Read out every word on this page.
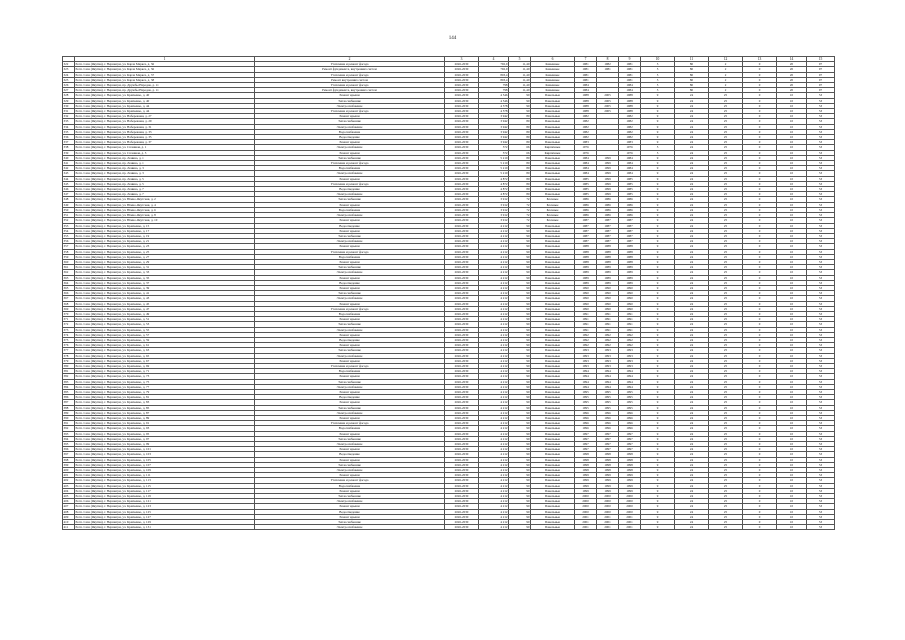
144
	1	2	3	4	5	6	7	8	9	10	11	12	13	14	15
322	Респ. Саха (Якутия), г. Нерюнгри, ул. Карла Маркса, д. 36	Утепление и ремонт фасада	2026-2030	792,9	11,40	Каменные	1981	1982	1981	5	80	2	0	20	97
323	Респ. Саха (Якутия), г. Нерюнгри, ул. Карла Маркса, д. 36	Ремонт фундамента, внутренних систем	2026-2030	792,9	11,40	Каменные	1981	1981	1981	5	80	2	0	20	97
324	Респ. Саха (Якутия), г. Нерюнгри, ул. Карла Маркса, д. 37	Утепление и ремонт фасада	2026-2030	803,4	11,40	Каменные	1981		1981	5	80	2	0	20	97
325	Респ. Саха (Якутия), г. Нерюнгри, ул. Карла Маркса, д. 38	Ремонт внутренних систем	2026-2030	803,4	11,40	Каменные	1981		1981	5	80	2	0	20	97
326	Респ. Саха (Якутия), г. Нерюнгри, пр. Дружбы Народов, д. 11	Утепление и ремонт фасада	2026-2030	798	11,40	Каменные	1984		1984	5	80	2	0	20	97
327	Респ. Саха (Якутия), г. Нерюнгри, пр. Дружбы Народов, д. 11	Ремонт фундамента, внутренних систем	2026-2030	798	11,40	Каменные	1984		1984	5	80	2	0	20	97
328	Респ. Саха (Якутия), г. Нерюнгри, ул. Кравченко, д. 40	Ремонт крыши	2026-2030	4 546	90	Панельные	1988	2005	1988	9	24	25	0	10	53
329	Респ. Саха (Якутия), г. Нерюнгри, ул. Кравченко, д. 40	Теплоснабжение	2026-2030	4 546	90	Панельные	1988	2005	1988	9	24	25	0	10	53
330	Респ. Саха (Якутия), г. Нерюнгри, ул. Кравченко, д. 44	Электроснабжение	2026-2030	4 578	90	Панельные	1988	2005	1988	9	24	25	0	10	53
331	Респ. Саха (Якутия), г. Нерюнгри, ул. Кравченко, д. 44	Утепление и ремонт фасада	2026-2030	4 578	90	Панельные	1988	2005	1988	9	24	25	0	10	53
332	Респ. Саха (Якутия), г. Нерюнгри, ул. Набережная, д. 27	Ремонт крыши	2026-2030	3 942	80	Панельные	1982		1982	9	24	25	0	10	53
333	Респ. Саха (Якутия), г. Нерюнгри, ул. Набережная, д. 29	Теплоснабжение	2026-2030	3 942	80	Панельные	1982		1982	9	24	25	0	10	53
334	Респ. Саха (Якутия), г. Нерюнгри, ул. Набережная, д. 31	Электроснабжение	2026-2030	3 942	80	Панельные	1982		1982	9	24	25	0	10	53
335	Респ. Саха (Якутия), г. Нерюнгри, ул. Набережная, д. 33	Водоснабжение	2026-2030	3 942	80	Панельные	1982		1982	9	24	25	0	10	53
336	Респ. Саха (Якутия), г. Нерюнгри, ул. Набережная, д. 35	Водоотведение	2026-2030	3 942	80	Панельные	1982		1982	9	24	25	0	10	53
337	Респ. Саха (Якутия), г. Нерюнгри, ул. Набережная, д. 37	Ремонт крыши	2026-2030	3 942	80	Панельные	1983		1983	9	24	25	0	10	53
338	Респ. Саха (Якутия), г. Нерюнгри, ул. Сплавная, д. 1	Электроснабжение	2026-2030	572	66	Кирпичные	1976		1976	5	24	25	0	10	53
339	Респ. Саха (Якутия), г. Нерюнгри, ул. Сплавная, д. 3	Ремонт крыши	2026-2030	572	66	Кирпичные	1976		1976	5	24	25	0	10	53
340	Респ. Саха (Якутия), г. Нерюнгри, пр. Ленина, д. 1	Теплоснабжение	2026-2030	5 210	80	Панельные	1984	1999	1984	9	24	25	0	10	53
341	Респ. Саха (Якутия), г. Нерюнгри, пр. Ленина, д. 1	Утепление и ремонт фасада	2026-2030	5 210	80	Панельные	1984	1999	1984	9	24	25	0	10	53
342	Респ. Саха (Якутия), г. Нерюнгри, пр. Ленина, д. 3	Водоснабжение	2026-2030	5 210	80	Панельные	1984	1999	1984	9	24	25	0	10	53
343	Респ. Саха (Якутия), г. Нерюнгри, пр. Ленина, д. 3	Электроснабжение	2026-2030	5 210	80	Панельные	1984	1999	1984	9	24	25	0	10	53
344	Респ. Саха (Якутия), г. Нерюнгри, пр. Ленина, д. 5	Ремонт крыши	2026-2030	4 872	80	Панельные	1985	1999	1985	9	24	25	0	10	53
345	Респ. Саха (Якутия), г. Нерюнгри, пр. Ленина, д. 5	Утепление и ремонт фасада	2026-2030	4 872	80	Панельные	1985	1999	1985	9	24	25	0	10	53
346	Респ. Саха (Якутия), г. Нерюнгри, пр. Ленина, д. 7	Водоотведение	2026-2030	4 872	80	Панельные	1985	1999	1985	9	24	25	0	10	53
347	Респ. Саха (Якутия), г. Нерюнгри, пр. Ленина, д. 7	Электроснабжение	2026-2030	4 872	80	Панельные	1985	1999	1985	9	24	25	0	10	53
348	Респ. Саха (Якутия), г. Нерюнгри, ул. Южно-Якутская, д. 2	Теплоснабжение	2026-2030	3 912	72	Блочные	1986	1986	1986	9	24	25	0	10	53
349	Респ. Саха (Якутия), г. Нерюнгри, ул. Южно-Якутская, д. 4	Ремонт крыши	2026-2030	3 912	72	Блочные	1986	1986	1986	9	24	25	0	10	53
350	Респ. Саха (Якутия), г. Нерюнгри, ул. Южно-Якутская, д. 6	Водоснабжение	2026-2030	3 912	72	Блочные	1986	1986	1986	9	24	25	0	10	53
351	Респ. Саха (Якутия), г. Нерюнгри, ул. Южно-Якутская, д. 8	Электроснабжение	2026-2030	3 912	72	Блочные	1986	1986	1986	9	24	25	0	10	53
352	Респ. Саха (Якутия), г. Нерюнгри, ул. Южно-Якутская, д. 10	Ремонт крыши	2026-2030	3 912	72	Блочные	1987	1987	1987	9	24	25	0	10	53
353	Респ. Саха (Якутия), г. Нерюнгри, ул. Кравченко, д. 15	Водоотведение	2026-2030	4 212	90	Панельные	1987	1987	1987	9	24	25	0	10	53
354	Респ. Саха (Якутия), г. Нерюнгри, ул. Кравченко, д. 17	Ремонт крыши	2026-2030	4 212	90	Панельные	1987	1987	1987	9	24	25	0	10	53
355	Респ. Саха (Якутия), г. Нерюнгри, ул. Кравченко, д. 19	Теплоснабжение	2026-2030	4 212	90	Панельные	1987	1987	1987	9	24	25	0	10	53
356	Респ. Саха (Якутия), г. Нерюнгри, ул. Кравченко, д. 21	Электроснабжение	2026-2030	4 212	90	Панельные	1987	1987	1987	9	24	25	0	10	53
357	Респ. Саха (Якутия), г. Нерюнгри, ул. Кравченко, д. 23	Ремонт крыши	2026-2030	4 212	90	Панельные	1988	1988	1988	9	24	25	0	10	53
358	Респ. Саха (Якутия), г. Нерюнгри, ул. Кравченко, д. 25	Утепление и ремонт фасада	2026-2030	4 212	90	Панельные	1988	1988	1988	9	24	25	0	10	53
359	Респ. Саха (Якутия), г. Нерюнгри, ул. Кравченко, д. 27	Водоснабжение	2026-2030	4 212	90	Панельные	1988	1988	1988	9	24	25	0	10	53
360	Респ. Саха (Якутия), г. Нерюнгри, ул. Кравченко, д. 29	Ремонт крыши	2026-2030	4 212	90	Панельные	1988	1988	1988	9	24	25	0	10	53
361	Респ. Саха (Якутия), г. Нерюнгри, ул. Кравченко, д. 31	Теплоснабжение	2026-2030	4 212	90	Панельные	1989	1989	1989	9	24	25	0	10	53
362	Респ. Саха (Якутия), г. Нерюнгри, ул. Кравченко, д. 33	Электроснабжение	2026-2030	4 212	90	Панельные	1989	1989	1989	9	24	25	0	10	53
363	Респ. Саха (Якутия), г. Нерюнгри, ул. Кравченко, д. 35	Ремонт крыши	2026-2030	4 212	90	Панельные	1989	1989	1989	9	24	25	0	10	53
364	Респ. Саха (Якутия), г. Нерюнгри, ул. Кравченко, д. 37	Водоотведение	2026-2030	4 212	90	Панельные	1989	1989	1989	9	24	25	0	10	53
365	Респ. Саха (Якутия), г. Нерюнгри, ул. Кравченко, д. 39	Ремонт крыши	2026-2030	4 212	90	Панельные	1990	1990	1990	9	24	25	0	10	53
366	Респ. Саха (Якутия), г. Нерюнгри, ул. Кравченко, д. 41	Теплоснабжение	2026-2030	4 212	90	Панельные	1990	1990	1990	9	24	25	0	10	53
367	Респ. Саха (Якутия), г. Нерюнгри, ул. Кравченко, д. 43	Электроснабжение	2026-2030	4 212	90	Панельные	1990	1990	1990	9	24	25	0	10	53
368	Респ. Саха (Якутия), г. Нерюнгри, ул. Кравченко, д. 45	Ремонт крыши	2026-2030	4 212	90	Панельные	1990	1990	1990	9	24	25	0	10	53
369	Респ. Саха (Якутия), г. Нерюнгри, ул. Кравченко, д. 47	Утепление и ремонт фасада	2026-2030	4 212	90	Панельные	1990	1990	1990	9	24	25	0	10	53
370	Респ. Саха (Якутия), г. Нерюнгри, ул. Кравченко, д. 49	Водоснабжение	2026-2030	4 212	90	Панельные	1991	1991	1991	9	24	25	0	10	53
371	Респ. Саха (Якутия), г. Нерюнгри, ул. Кравченко, д. 51	Ремонт крыши	2026-2030	4 212	90	Панельные	1991	1991	1991	9	24	25	0	10	53
372	Респ. Саха (Якутия), г. Нерюнгри, ул. Кравченко, д. 53	Теплоснабжение	2026-2030	4 212	90	Панельные	1991	1991	1991	9	24	25	0	10	53
373	Респ. Саха (Якутия), г. Нерюнгри, ул. Кравченко, д. 55	Электроснабжение	2026-2030	4 212	90	Панельные	1991	1991	1991	9	24	25	0	10	53
374	Респ. Саха (Якутия), г. Нерюнгри, ул. Кравченко, д. 57	Ремонт крыши	2026-2030	4 212	90	Панельные	1992	1992	1992	9	24	25	0	10	53
375	Респ. Саха (Якутия), г. Нерюнгри, ул. Кравченко, д. 59	Водоотведение	2026-2030	4 212	90	Панельные	1992	1992	1992	9	24	25	0	10	53
376	Респ. Саха (Якутия), г. Нерюнгри, ул. Кравченко, д. 61	Ремонт крыши	2026-2030	4 212	90	Панельные	1992	1992	1992	9	24	25	0	10	53
377	Респ. Саха (Якутия), г. Нерюнгри, ул. Кравченко, д. 63	Теплоснабжение	2026-2030	4 212	90	Панельные	1993	1993	1993	9	24	25	0	10	53
378	Респ. Саха (Якутия), г. Нерюнгри, ул. Кравченко, д. 65	Электроснабжение	2026-2030	4 212	90	Панельные	1993	1993	1993	9	24	25	0	10	53
379	Респ. Саха (Якутия), г. Нерюнгри, ул. Кравченко, д. 67	Ремонт крыши	2026-2030	4 212	90	Панельные	1993	1993	1993	9	24	25	0	10	53
380	Респ. Саха (Якутия), г. Нерюнгри, ул. Кравченко, д. 69	Утепление и ремонт фасада	2026-2030	4 212	90	Панельные	1993	1993	1993	9	24	25	0	10	53
381	Респ. Саха (Якутия), г. Нерюнгри, ул. Кравченко, д. 71	Водоснабжение	2026-2030	4 212	90	Панельные	1994	1994	1994	9	24	25	0	10	53
382	Респ. Саха (Якутия), г. Нерюнгри, ул. Кравченко, д. 73	Ремонт крыши	2026-2030	4 212	90	Панельные	1994	1994	1994	9	24	25	0	10	53
383	Респ. Саха (Якутия), г. Нерюнгри, ул. Кравченко, д. 75	Теплоснабжение	2026-2030	4 212	90	Панельные	1994	1994	1994	9	24	25	0	10	53
384	Респ. Саха (Якутия), г. Нерюнгри, ул. Кравченко, д. 77	Электроснабжение	2026-2030	4 212	90	Панельные	1994	1994	1994	9	24	25	0	10	53
385	Респ. Саха (Якутия), г. Нерюнгри, ул. Кравченко, д. 79	Ремонт крыши	2026-2030	4 212	90	Панельные	1995	1995	1995	9	24	25	0	10	53
386	Респ. Саха (Якутия), г. Нерюнгри, ул. Кравченко, д. 81	Водоотведение	2026-2030	4 212	90	Панельные	1995	1995	1995	9	24	25	0	10	53
387	Респ. Саха (Якутия), г. Нерюнгри, ул. Кравченко, д. 83	Ремонт крыши	2026-2030	4 212	90	Панельные	1995	1995	1995	9	24	25	0	10	53
388	Респ. Саха (Якутия), г. Нерюнгри, ул. Кравченко, д. 85	Теплоснабжение	2026-2030	4 212	90	Панельные	1995	1995	1995	9	24	25	0	10	53
389	Респ. Саха (Якутия), г. Нерюнгри, ул. Кравченко, д. 87	Электроснабжение	2026-2030	4 212	90	Панельные	1996	1996	1996	9	24	25	0	10	53
390	Респ. Саха (Якутия), г. Нерюнгри, ул. Кравченко, д. 89	Ремонт крыши	2026-2030	4 212	90	Панельные	1996	1996	1996	9	24	25	0	10	53
391	Респ. Саха (Якутия), г. Нерюнгри, ул. Кравченко, д. 91	Утепление и ремонт фасада	2026-2030	4 212	90	Панельные	1996	1996	1996	9	24	25	0	10	53
392	Респ. Саха (Якутия), г. Нерюнгри, ул. Кравченко, д. 93	Водоснабжение	2026-2030	4 212	90	Панельные	1996	1996	1996	9	24	25	0	10	53
393	Респ. Саха (Якутия), г. Нерюнгри, ул. Кравченко, д. 95	Ремонт крыши	2026-2030	4 212	90	Панельные	1997	1997	1997	9	24	25	0	10	53
394	Респ. Саха (Якутия), г. Нерюнгри, ул. Кравченко, д. 97	Теплоснабжение	2026-2030	4 212	90	Панельные	1997	1997	1997	9	24	25	0	10	53
395	Респ. Саха (Якутия), г. Нерюнгри, ул. Кравченко, д. 99	Электроснабжение	2026-2030	4 212	90	Панельные	1997	1997	1997	9	24	25	0	10	53
396	Респ. Саха (Якутия), г. Нерюнгри, ул. Кравченко, д. 101	Ремонт крыши	2026-2030	4 212	90	Панельные	1997	1997	1997	9	24	25	0	10	53
397	Респ. Саха (Якутия), г. Нерюнгри, ул. Кравченко, д. 103	Водоотведение	2026-2030	4 212	90	Панельные	1998	1998	1998	9	24	25	0	10	53
398	Респ. Саха (Якутия), г. Нерюнгри, ул. Кравченко, д. 105	Ремонт крыши	2026-2030	4 212	90	Панельные	1998	1998	1998	9	24	25	0	10	53
399	Респ. Саха (Якутия), г. Нерюнгри, ул. Кравченко, д. 107	Теплоснабжение	2026-2030	4 212	90	Панельные	1998	1998	1998	9	24	25	0	10	53
400	Респ. Саха (Якутия), г. Нерюнгри, ул. Кравченко, д. 109	Электроснабжение	2026-2030	4 212	90	Панельные	1998	1998	1998	9	24	25	0	10	53
401	Респ. Саха (Якутия), г. Нерюнгри, ул. Кравченко, д. 111	Ремонт крыши	2026-2030	4 212	90	Панельные	1999	1999	1999	9	24	25	0	10	53
402	Респ. Саха (Якутия), г. Нерюнгри, ул. Кравченко, д. 113	Утепление и ремонт фасада	2026-2030	4 212	90	Панельные	1999	1999	1999	9	24	25	0	10	53
403	Респ. Саха (Якутия), г. Нерюнгри, ул. Кравченко, д. 115	Водоснабжение	2026-2030	4 212	90	Панельные	1999	1999	1999	9	24	25	0	10	53
404	Респ. Саха (Якутия), г. Нерюнгри, ул. Кравченко, д. 117	Ремонт крыши	2026-2030	4 212	90	Панельные	1999	1999	1999	9	24	25	0	10	53
405	Респ. Саха (Якутия), г. Нерюнгри, ул. Кравченко, д. 119	Теплоснабжение	2026-2030	4 212	90	Панельные	2000	2000	2000	9	24	25	0	10	53
406	Респ. Саха (Якутия), г. Нерюнгри, ул. Кравченко, д. 121	Электроснабжение	2026-2030	4 212	90	Панельные	2000	2000	2000	9	24	25	0	10	53
407	Респ. Саха (Якутия), г. Нерюнгри, ул. Кравченко, д. 123	Ремонт крыши	2026-2030	4 212	90	Панельные	2000	2000	2000	9	24	25	0	10	53
408	Респ. Саха (Якутия), г. Нерюнгри, ул. Кравченко, д. 125	Водоотведение	2026-2030	4 212	90	Панельные	2000	2000	2000	9	24	25	0	10	53
409	Респ. Саха (Якутия), г. Нерюнгри, ул. Кравченко, д. 127	Ремонт крыши	2026-2030	4 212	90	Панельные	2001	2001	2001	9	24	25	0	10	53
410	Респ. Саха (Якутия), г. Нерюнгри, ул. Кравченко, д. 129	Теплоснабжение	2026-2030	4 212	90	Панельные	2001	2001	2001	9	24	25	0	10	53
411	Респ. Саха (Якутия), г. Нерюнгри, ул. Кравченко, д. 131	Электроснабжение	2026-2030	4 212	90	Панельные	2001	2001	2001	9	24	25	0	10	53
